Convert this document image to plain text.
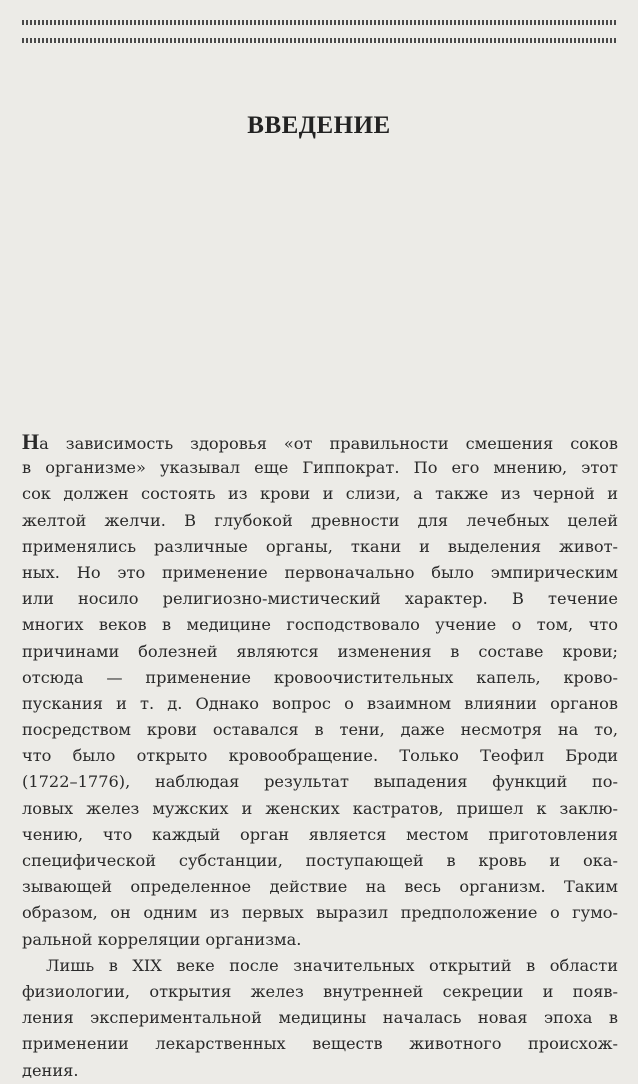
ВВЕДЕНИЕ
На зависимость здоровья «от правильности смешения соков
в организме» указывал еще Гиппократ. По его мнению, этот
сок должен состоять из крови и слизи, а также из черной и
желтой желчи. В глубокой древности для лечебных целей
применялись различные органы, ткани и выделения живот-
ных. Но это применение первоначально было эмпирическим
или носило религиозно-мистический характер. В течение
многих веков в медицине господствовало учение о том, что
причинами болезней являются изменения в составе крови;
отсюда — применение кровоочистительных капель, крово-
пускания и т. д. Однако вопрос о взаимном влиянии органов
посредством крови оставался в тени, даже несмотря на то,
что было открыто кровообращение. Только Теофил Броди
(1722–1776), наблюдая результат выпадения функций по-
ловых желез мужских и женских кастратов, пришел к заклю-
чению, что каждый орган является местом приготовления
специфической субстанции, поступающей в кровь и ока-
зывающей определенное действие на весь организм. Таким
образом, он одним из первых выразил предположение о гумо-
ральной корреляции организма.
Лишь в XIX веке после значительных открытий в области
физиологии, открытия желез внутренней секреции и появ-
ления экспериментальной медицины началась новая эпоха в
применении лекарственных веществ животного происхож-
дения.
